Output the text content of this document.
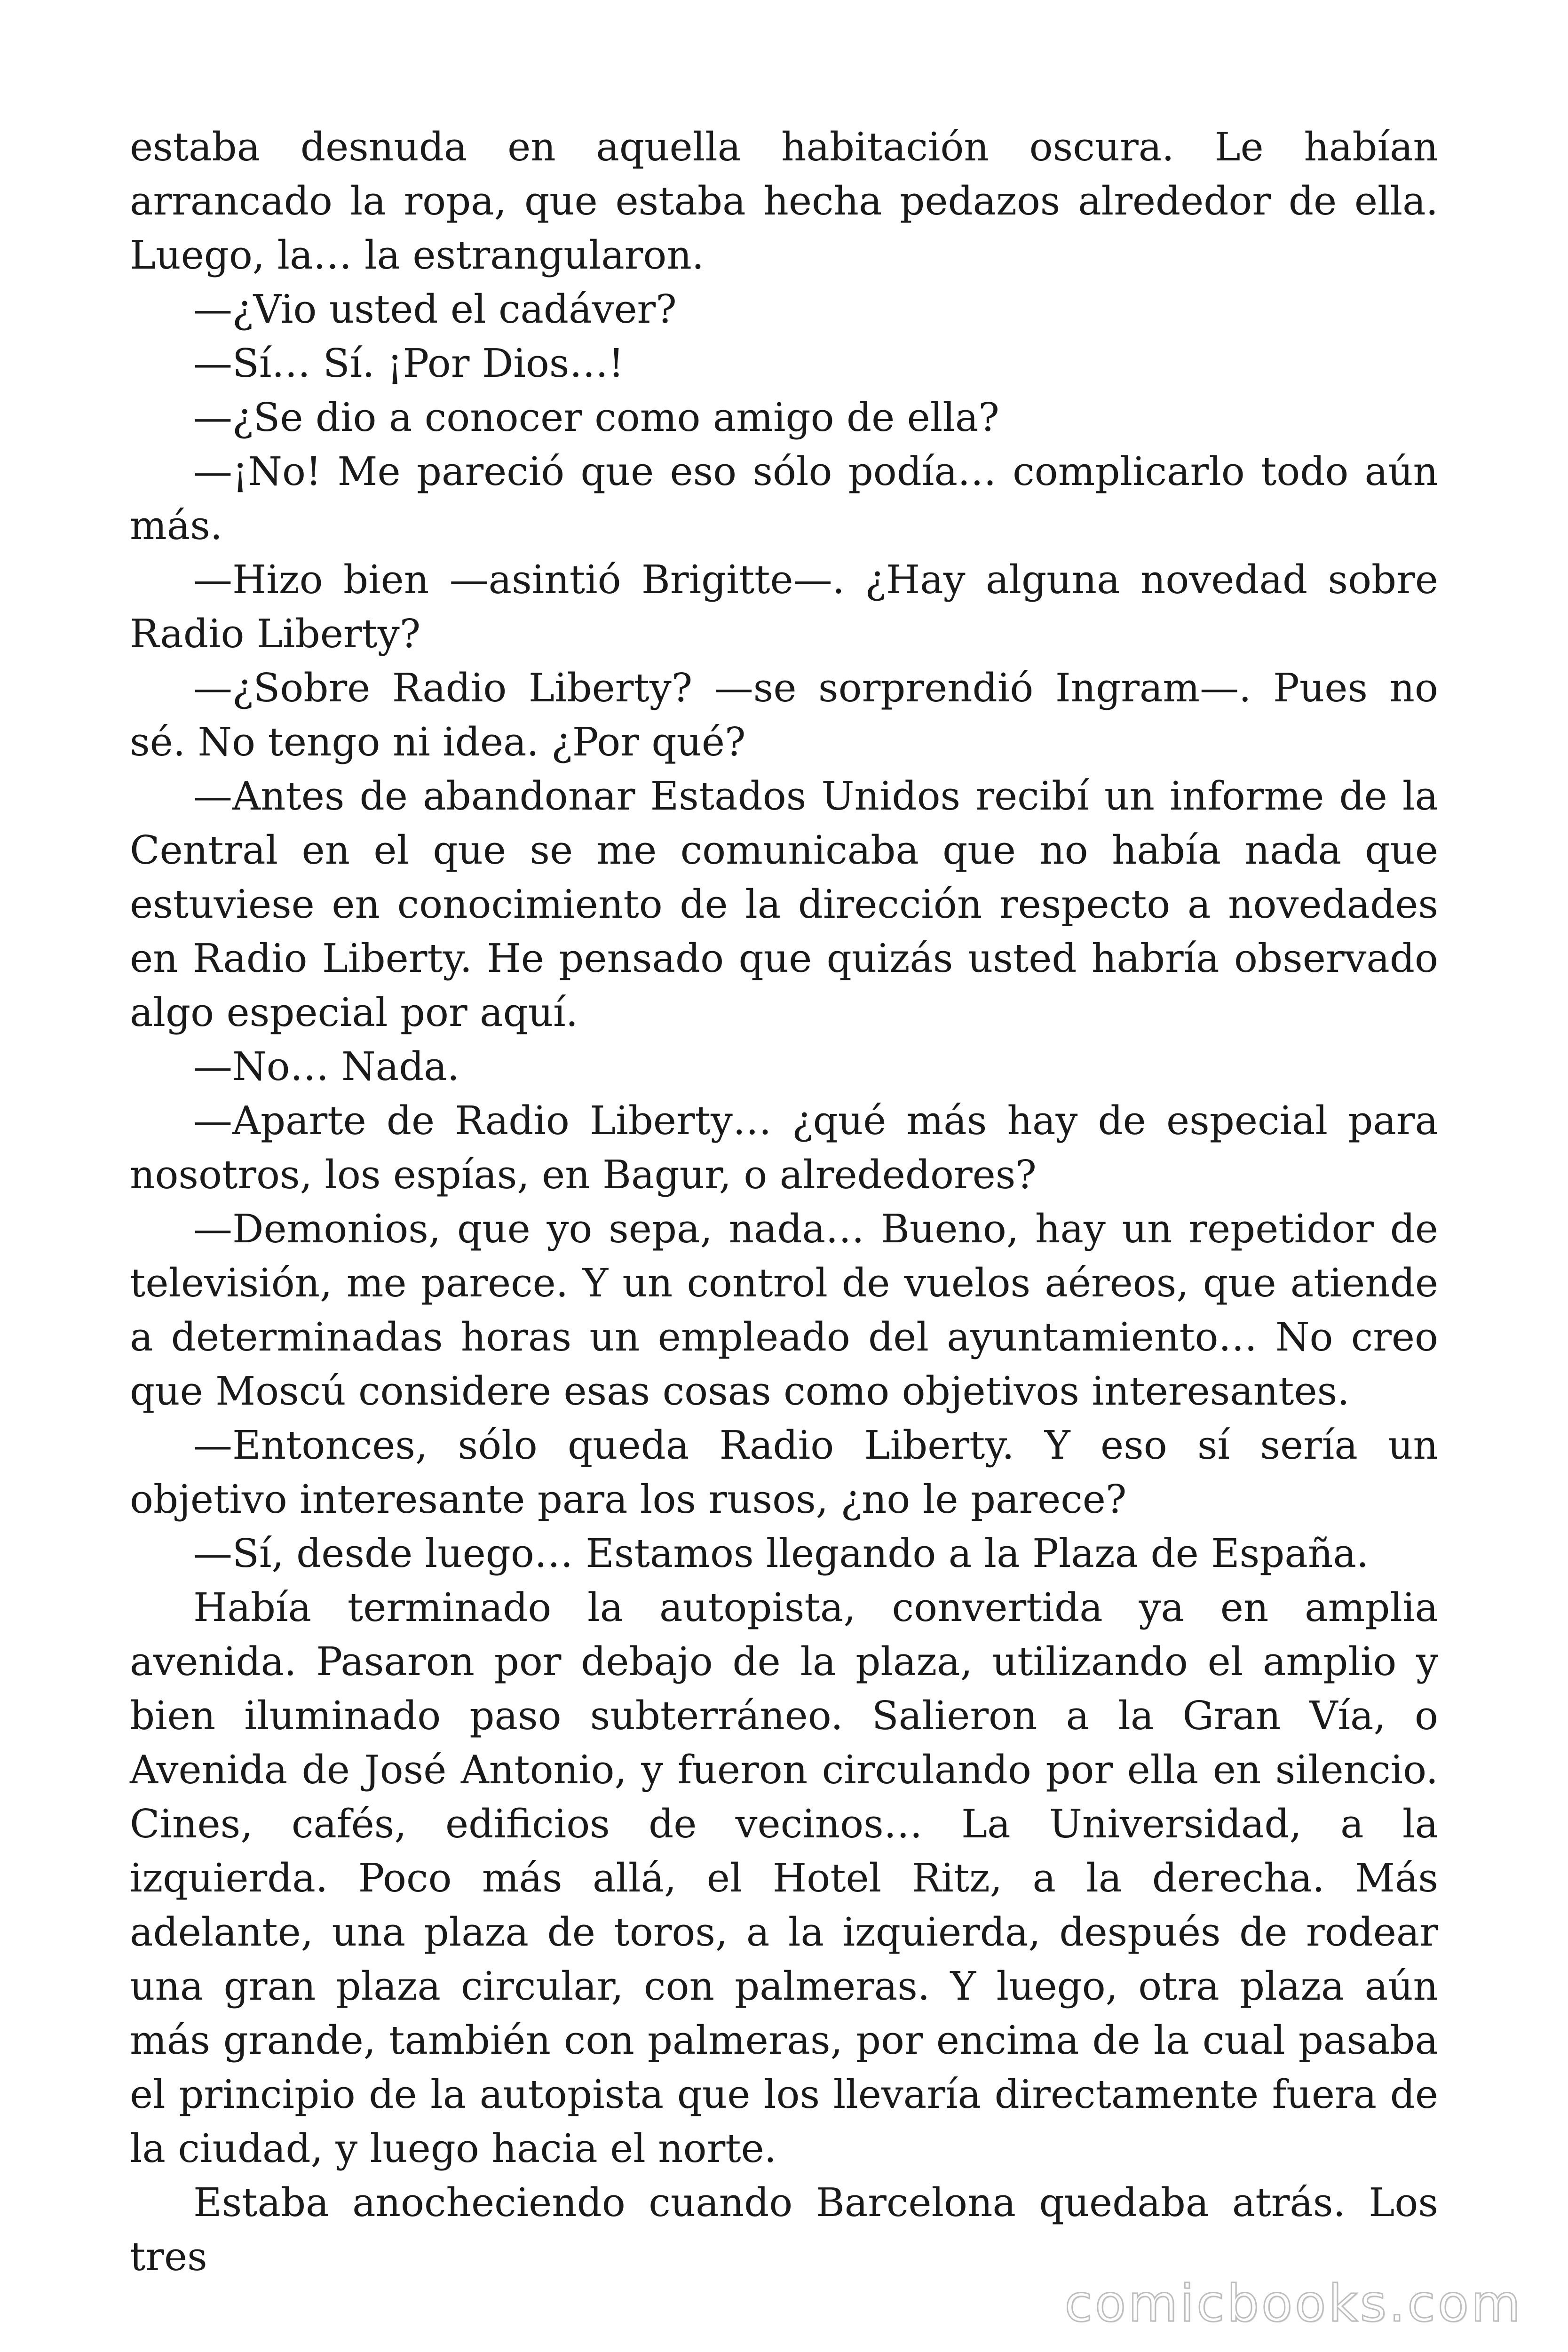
estaba desnuda en aquella habitación oscura. Le habían arrancado la ropa, que estaba hecha pedazos alrededor de ella. Luego, la… la estrangularon.

—¿Vio usted el cadáver?

—Sí… Sí. ¡Por Dios…!

—¿Se dio a conocer como amigo de ella?

—¡No! Me pareció que eso sólo podía… complicarlo todo aún más.

—Hizo bien —asintió Brigitte—. ¿Hay alguna novedad sobre Radio Liberty?

—¿Sobre Radio Liberty? —se sorprendió Ingram—. Pues no sé. No tengo ni idea. ¿Por qué?

—Antes de abandonar Estados Unidos recibí un informe de la Central en el que se me comunicaba que no había nada que estuviese en conocimiento de la dirección respecto a novedades en Radio Liberty. He pensado que quizás usted habría observado algo especial por aquí.

—No… Nada.

—Aparte de Radio Liberty… ¿qué más hay de especial para nosotros, los espías, en Bagur, o alrededores?

—Demonios, que yo sepa, nada… Bueno, hay un repetidor de televisión, me parece. Y un control de vuelos aéreos, que atiende a determinadas horas un empleado del ayuntamiento… No creo que Moscú considere esas cosas como objetivos interesantes.

—Entonces, sólo queda Radio Liberty. Y eso sí sería un objetivo interesante para los rusos, ¿no le parece?

—Sí, desde luego… Estamos llegando a la Plaza de España.

Había terminado la autopista, convertida ya en amplia avenida. Pasaron por debajo de la plaza, utilizando el amplio y bien iluminado paso subterráneo. Salieron a la Gran Vía, o Avenida de José Antonio, y fueron circulando por ella en silencio. Cines, cafés, edificios de vecinos… La Universidad, a la izquierda. Poco más allá, el Hotel Ritz, a la derecha. Más adelante, una plaza de toros, a la izquierda, después de rodear una gran plaza circular, con palmeras. Y luego, otra plaza aún más grande, también con palmeras, por encima de la cual pasaba el principio de la autopista que los llevaría directamente fuera de la ciudad, y luego hacia el norte.

Estaba anocheciendo cuando Barcelona quedaba atrás. Los tres

comicbooks.com
